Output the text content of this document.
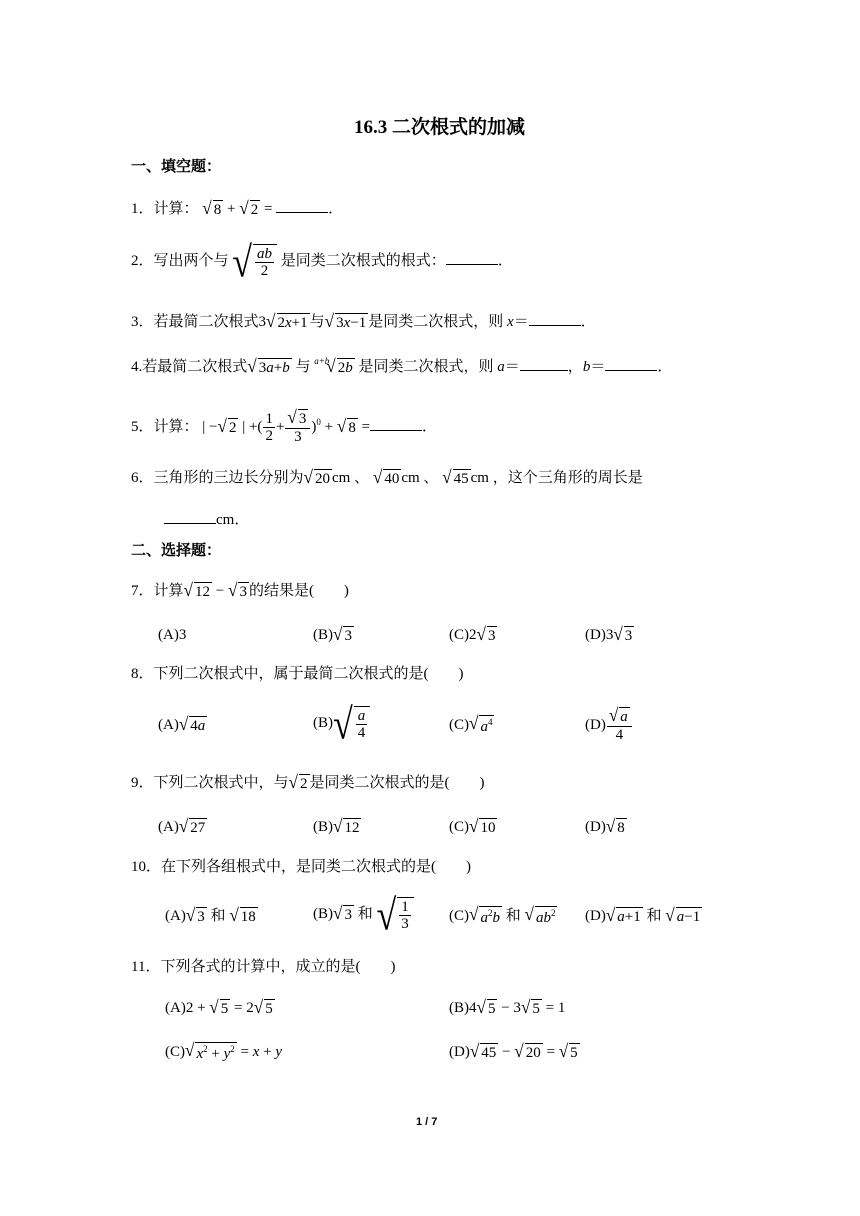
16.3 二次根式的加减
一、填空题：
1．计算： √ 8 + √ 2 =	．
2．写出两个与 √ $\frac{ab}{2}$ 是同类二次根式的根式：	．
3．若最简二次根式3 √ 2x+1 与 √ 3x−1 是同类二次根式，则 x＝	．
4.若最简二次根式 √ 3a+b 与 $^{a+b}$
√ 2b 是同类二次根式，则 a＝	，b＝	．
5．计算： | − √ 2 | +( $\frac{1}{2} + \frac{√ 3}{3} )^0$ + √ 8 =	．
6．三角形的三边长分别为 √ 20 cm 、 √ 40 cm 、 √ 45 cm ，这个三角形的周长是
cm．
二、选择题：
7．计算 √ 12 − √ 3 的结果是(　　)
(A)3	(B) √ 3	(C)2 √ 3	(D)3 √ 3
8．下列二次根式中，属于最简二次根式的是(　　)
(A) √ 4a	(B) √ $\frac{a}{4}$	(C) √ $a^4$	$(D) \frac{√ a}{4}$
9．下列二次根式中，与 √ 2 是同类二次根式的是(　　)
(A) √ 27	(B) √ 12	(C) √ 10	(D) √ 8
10．在下列各组根式中，是同类二次根式的是(　　)
(A) √ 3 和 √ 18	(B) √ 3 和 √ $\frac{1}{3}$	(C) √ $a^2b$ 和 √ $ab^2$ (D) √ a+1 和 √ a−1
11．下列各式的计算中，成立的是(　　)
(A)2 + √ 5 = 2 √ 5	(B)4 √ 5 − 3 √ 5 = 1
(C) √ $x^2 + y^2 = x + y$	(D) √ 45 − √ 20 = √ 5
1 / 7
